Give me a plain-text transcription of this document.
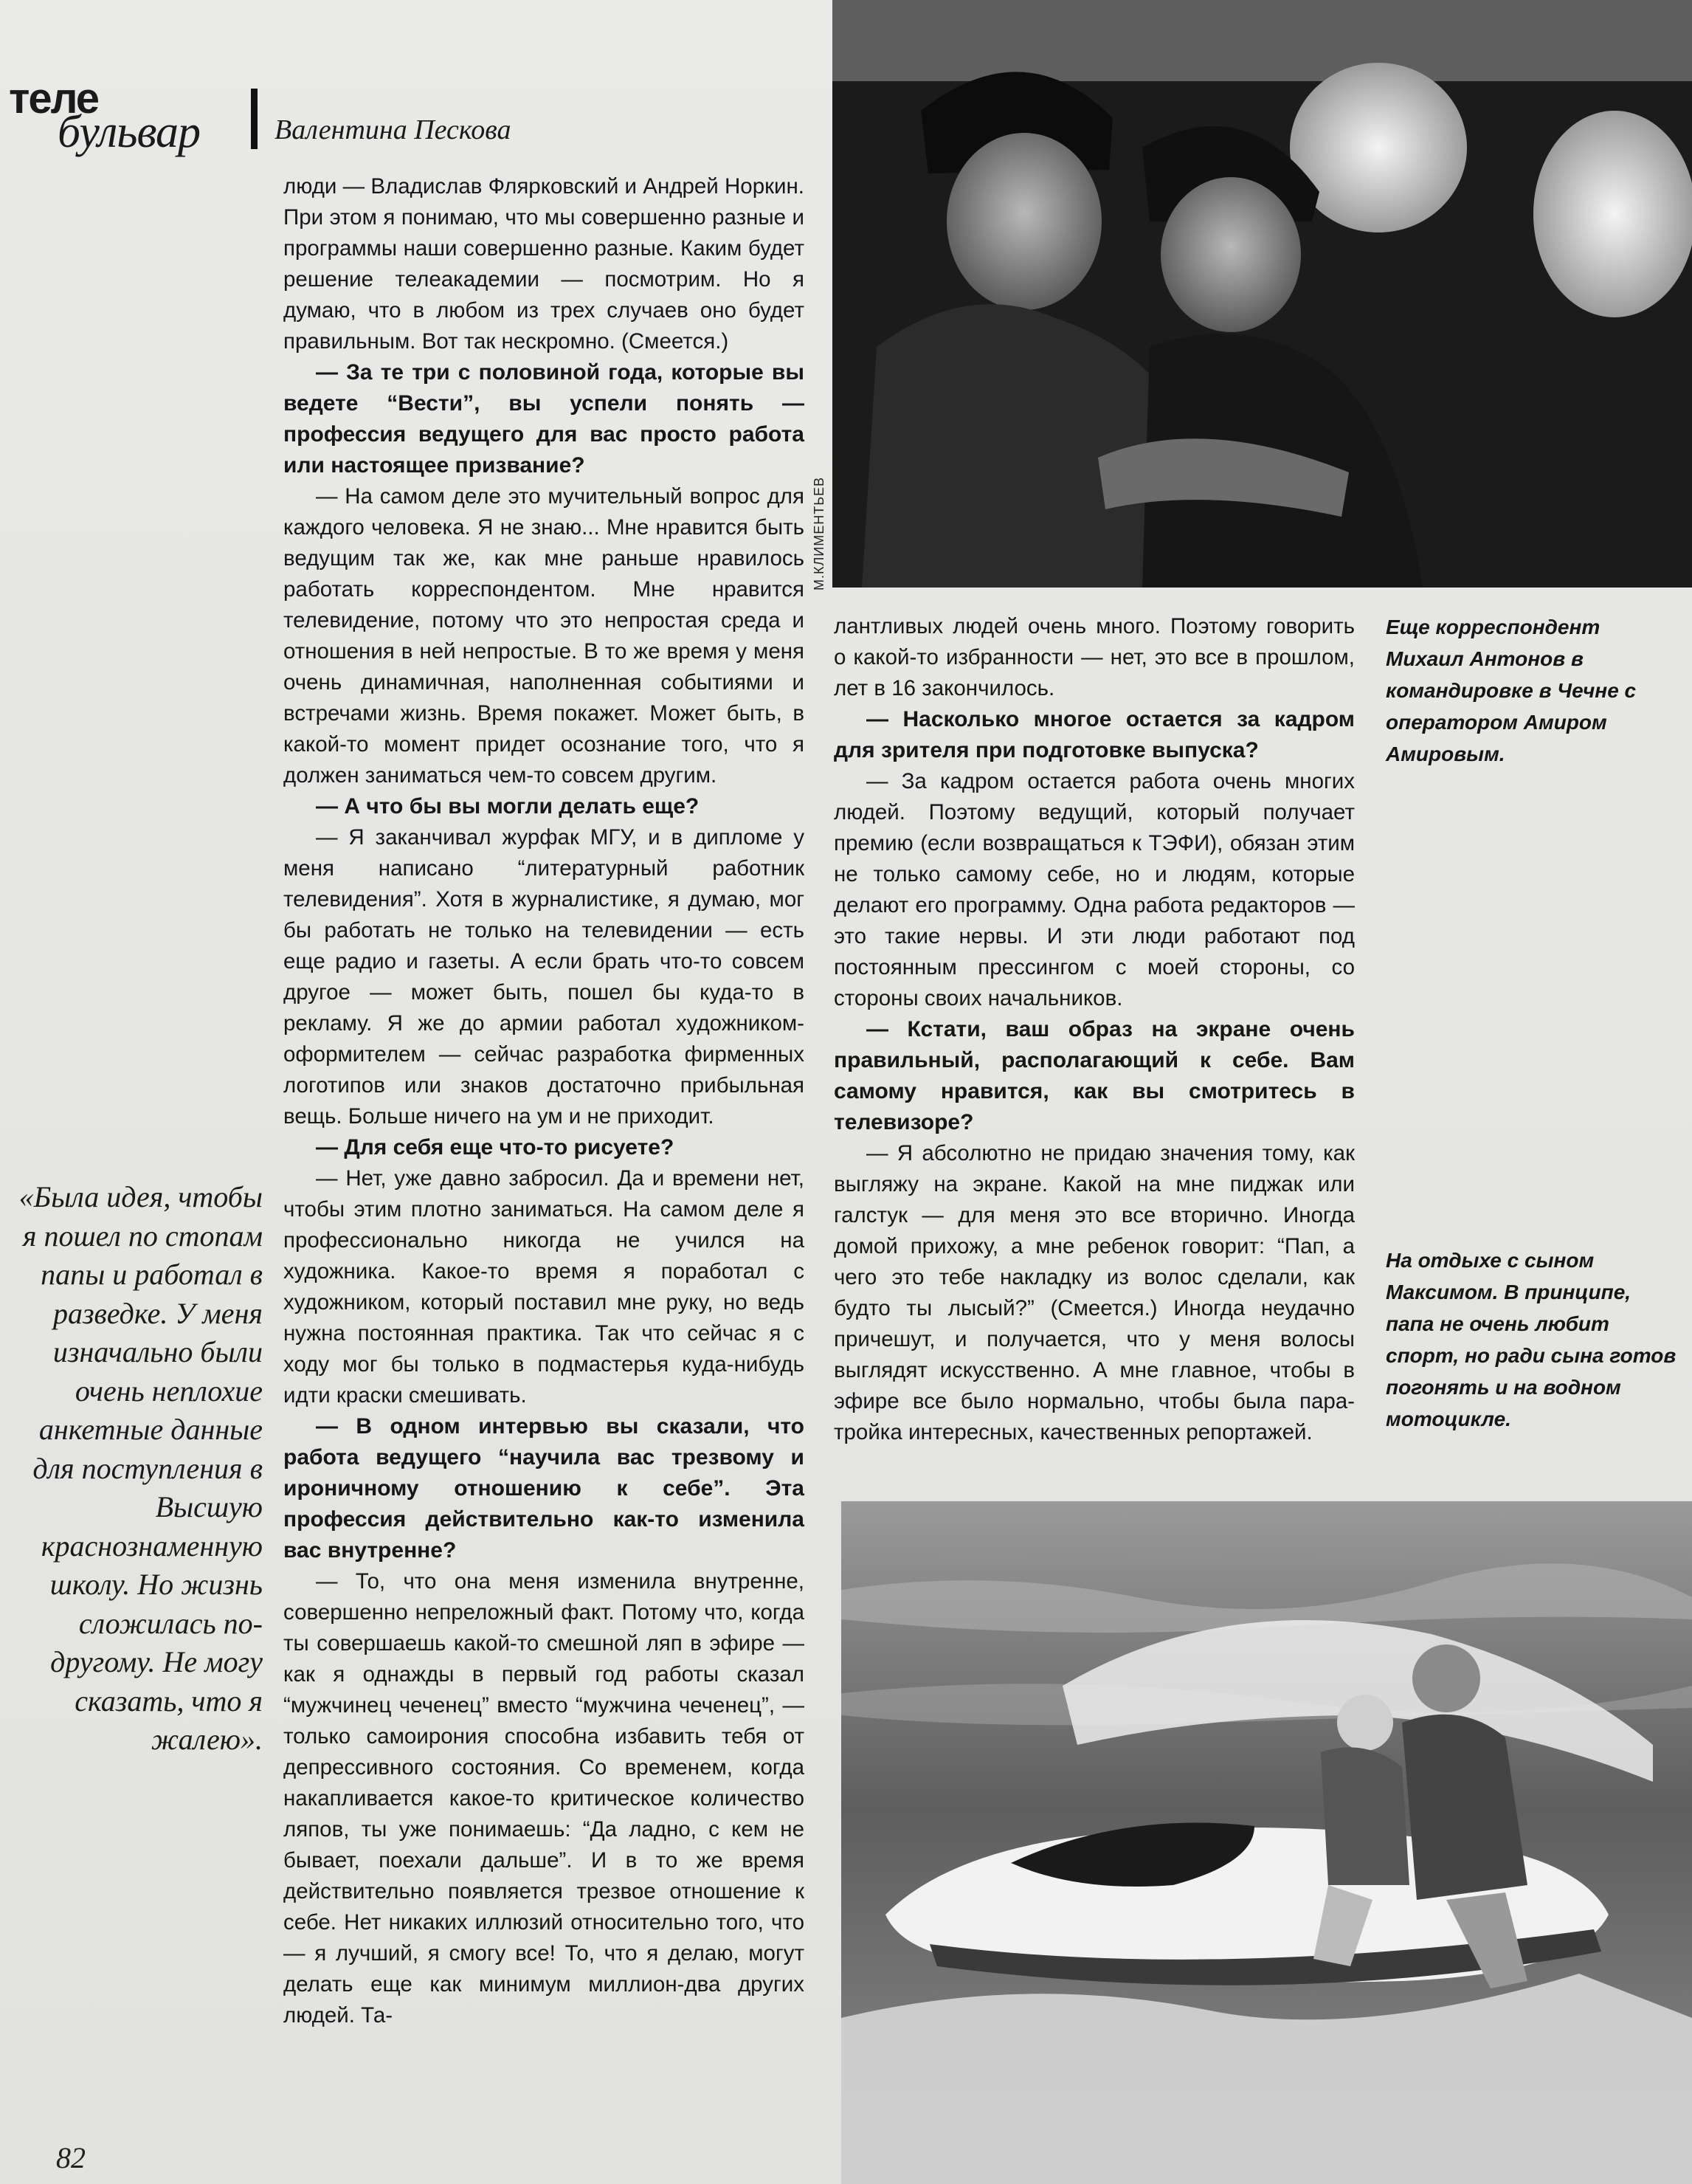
теле
бульвар	Валентина Пескова

люди — Владислав Флярковский и Андрей Норкин. При этом я понимаю, что мы совершенно разные и программы наши совершенно разные. Каким будет решение телеакадемии — посмотрим. Но я думаю, что в любом из трех случаев оно будет правильным. Вот так нескромно. (Смеется.)

— За те три с половиной года, которые вы ведете “Вести”, вы успели понять — профессия ведущего для вас просто работа или настоящее призвание?

— На самом деле это мучительный вопрос для каждого человека. Я не знаю... Мне нравится быть ведущим так же, как мне раньше нравилось работать корреспондентом. Мне нравится телевидение, потому что это непростая среда и отношения в ней непростые. В то же время у меня очень динамичная, наполненная событиями и встречами жизнь. Время покажет. Может быть, в какой-то момент придет осознание того, что я должен заниматься чем-то совсем другим.

— А что бы вы могли делать еще?

— Я заканчивал журфак МГУ, и в дипломе у меня написано “литературный работник телевидения”. Хотя в журналистике, я думаю, мог бы работать не только на телевидении — есть еще радио и газеты. А если брать что-то совсем другое — может быть, пошел бы куда-то в рекламу. Я же до армии работал художником-оформителем — сейчас разработка фирменных логотипов или знаков достаточно прибыльная вещь. Больше ничего на ум и не приходит.

— Для себя еще что-то рисуете?

— Нет, уже давно забросил. Да и времени нет, чтобы этим плотно заниматься. На самом деле я профессионально никогда не учился на художника. Какое-то время я поработал с художником, который поставил мне руку, но ведь нужна постоянная практика. Так что сейчас я с ходу мог бы только в подмастерья куда-нибудь идти краски смешивать.

— В одном интервью вы сказали, что работа ведущего “научила вас трезвому и ироничному отношению к себе”. Эта профессия действительно как-то изменила вас внутренне?

— То, что она меня изменила внутренне, совершенно непреложный факт. Потому что, когда ты совершаешь какой-то смешной ляп в эфире — как я однажды в первый год работы сказал “мужчинец чеченец” вместо “мужчина чеченец”, — только самоирония способна избавить тебя от депрессивного состояния. Со временем, когда накапливается какое-то критическое количество ляпов, ты уже понимаешь: “Да ладно, с кем не бывает, поехали дальше”. И в то же время действительно появляется трезвое отношение к себе. Нет никаких иллюзий относительно того, что — я лучший, я смогу все! То, что я делаю, могут делать еще как минимум миллион-два других людей. Та-

лантливых людей очень много. Поэтому говорить о какой-то избранности — нет, это все в прошлом, лет в 16 закончилось.

— Насколько многое остается за кадром для зрителя при подготовке выпуска?

— За кадром остается работа очень многих людей. Поэтому ведущий, который получает премию (если возвращаться к ТЭФИ), обязан этим не только самому себе, но и людям, которые делают его программу. Одна работа редакторов — это такие нервы. И эти люди работают под постоянным прессингом с моей стороны, со стороны своих начальников.

— Кстати, ваш образ на экране очень правильный, располагающий к себе. Вам самому нравится, как вы смотритесь в телевизоре?

— Я абсолютно не придаю значения тому, как выгляжу на экране. Какой на мне пиджак или галстук — для меня это все вторично. Иногда домой прихожу, а мне ребенок говорит: “Пап, а чего это тебе накладку из волос сделали, как будто ты лысый?” (Смеется.) Иногда неудачно причешут, и получается, что у меня волосы выглядят искусственно. А мне главное, чтобы в эфире все было нормально, чтобы была пара-тройка интересных, качественных репортажей.

«Была идея, чтобы я пошел по стопам папы и работал в разведке. У меня изначально были очень неплохие анкетные данные для поступления в Высшую краснознаменную школу. Но жизнь сложилась по-другому. Не могу сказать, что я жалею».
М.КЛИМЕНТЬЕВ
Еще корреспондент Михаил Антонов в командировке в Чечне с оператором Амиром Амировым.
На отдыхе с сыном Максимом. В принципе, папа не очень любит спорт, но ради сына готов погонять и на водном мотоцикле.
82
